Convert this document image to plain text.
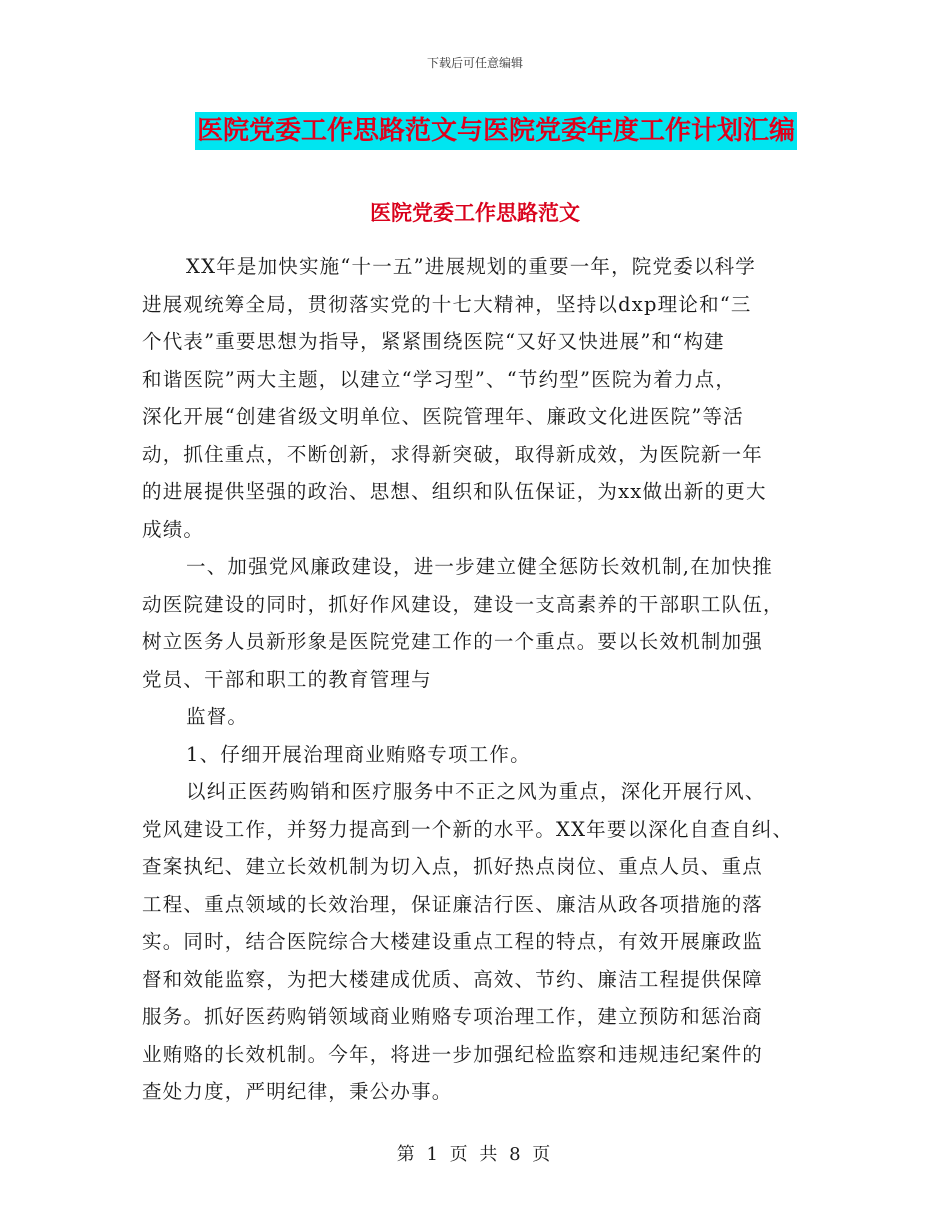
下载后可任意编辑
医院党委工作思路范文与医院党委年度工作计划汇编
医院党委工作思路范文
XX年是加快实施“十一五”进展规划的重要一年，院党委以科学
进展观统筹全局，贯彻落实党的十七大精神，坚持以dxp理论和“三
个代表”重要思想为指导，紧紧围绕医院“又好又快进展”和“构建
和谐医院”两大主题，以建立“学习型”、“节约型”医院为着力点，
深化开展“创建省级文明单位、医院管理年、廉政文化进医院”等活
动，抓住重点，不断创新，求得新突破，取得新成效，为医院新一年
的进展提供坚强的政治、思想、组织和队伍保证，为xx做出新的更大
成绩。
一、加强党风廉政建设，进一步建立健全惩防长效机制,在加快推
动医院建设的同时，抓好作风建设，建设一支高素养的干部职工队伍，
树立医务人员新形象是医院党建工作的一个重点。要以长效机制加强
党员、干部和职工的教育管理与
监督。
1、仔细开展治理商业贿赂专项工作。
以纠正医药购销和医疗服务中不正之风为重点，深化开展行风、
党风建设工作，并努力提高到一个新的水平。XX年要以深化自查自纠、
查案执纪、建立长效机制为切入点，抓好热点岗位、重点人员、重点
工程、重点领域的长效治理，保证廉洁行医、廉洁从政各项措施的落
实。同时，结合医院综合大楼建设重点工程的特点，有效开展廉政监
督和效能监察，为把大楼建成优质、高效、节约、廉洁工程提供保障
服务。抓好医药购销领域商业贿赂专项治理工作，建立预防和惩治商
业贿赂的长效机制。今年，将进一步加强纪检监察和违规违纪案件的
查处力度，严明纪律，秉公办事。
第 1 页 共 8 页
